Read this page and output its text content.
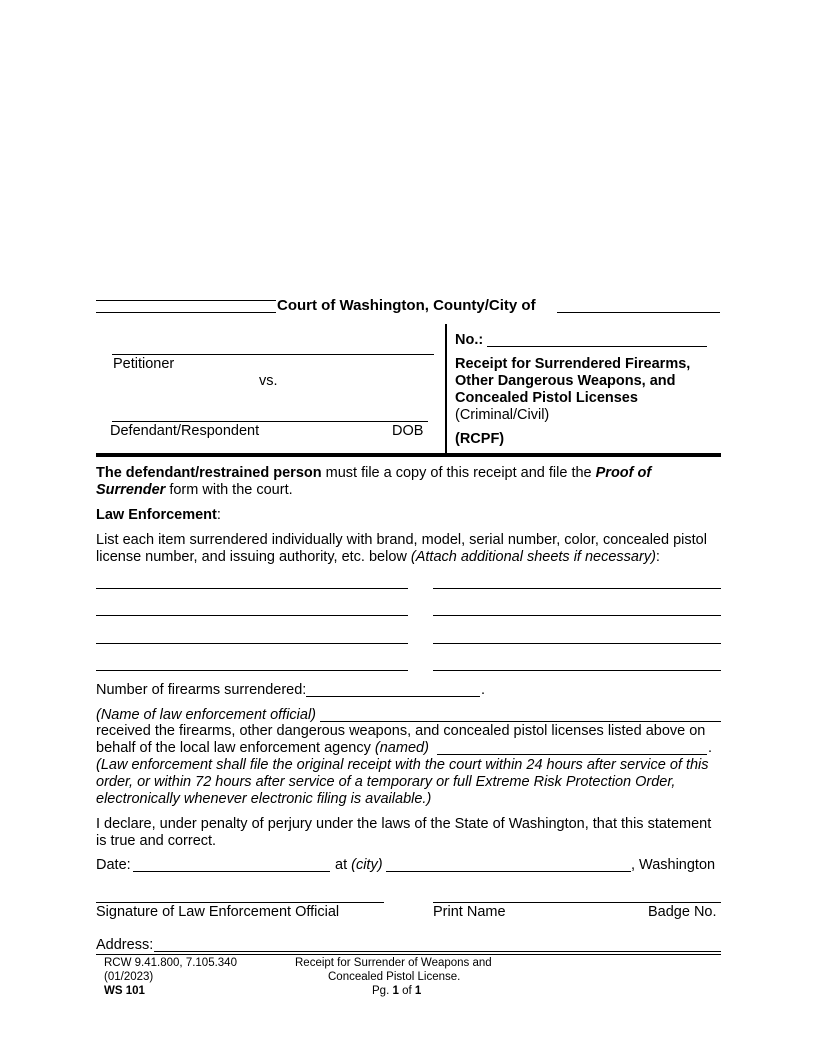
Court of Washington, County/City of
Petitioner
vs.
Defendant/Respondent	DOB
No.:
Receipt for Surrendered Firearms,
Other Dangerous Weapons, and
Concealed Pistol Licenses
(Criminal/Civil)
(RCPF)
The defendant/restrained person must file a copy of this receipt and file the Proof of
Surrender form with the court.
Law Enforcement:
List each item surrendered individually with brand, model, serial number, color, concealed pistol
license number, and issuing authority, etc. below (Attach additional sheets if necessary):
Number of firearms surrendered:	.
(Name of law enforcement official)
received the firearms, other dangerous weapons, and concealed pistol licenses listed above on
behalf of the local law enforcement agency (named)	.
(Law enforcement shall file the original receipt with the court within 24 hours after service of this
order, or within 72 hours after service of a temporary or full Extreme Risk Protection Order,
electronically whenever electronic filing is available.)
I declare, under penalty of perjury under the laws of the State of Washington, that this statement
is true and correct.
Date:	at (city)	, Washington
Signature of Law Enforcement Official	Print Name	Badge No.
Address:
RCW 9.41.800, 7.105.340
(01/2023)
WS 101
Receipt for Surrender of Weapons and
Concealed Pistol License.
Pg. 1 of 1
